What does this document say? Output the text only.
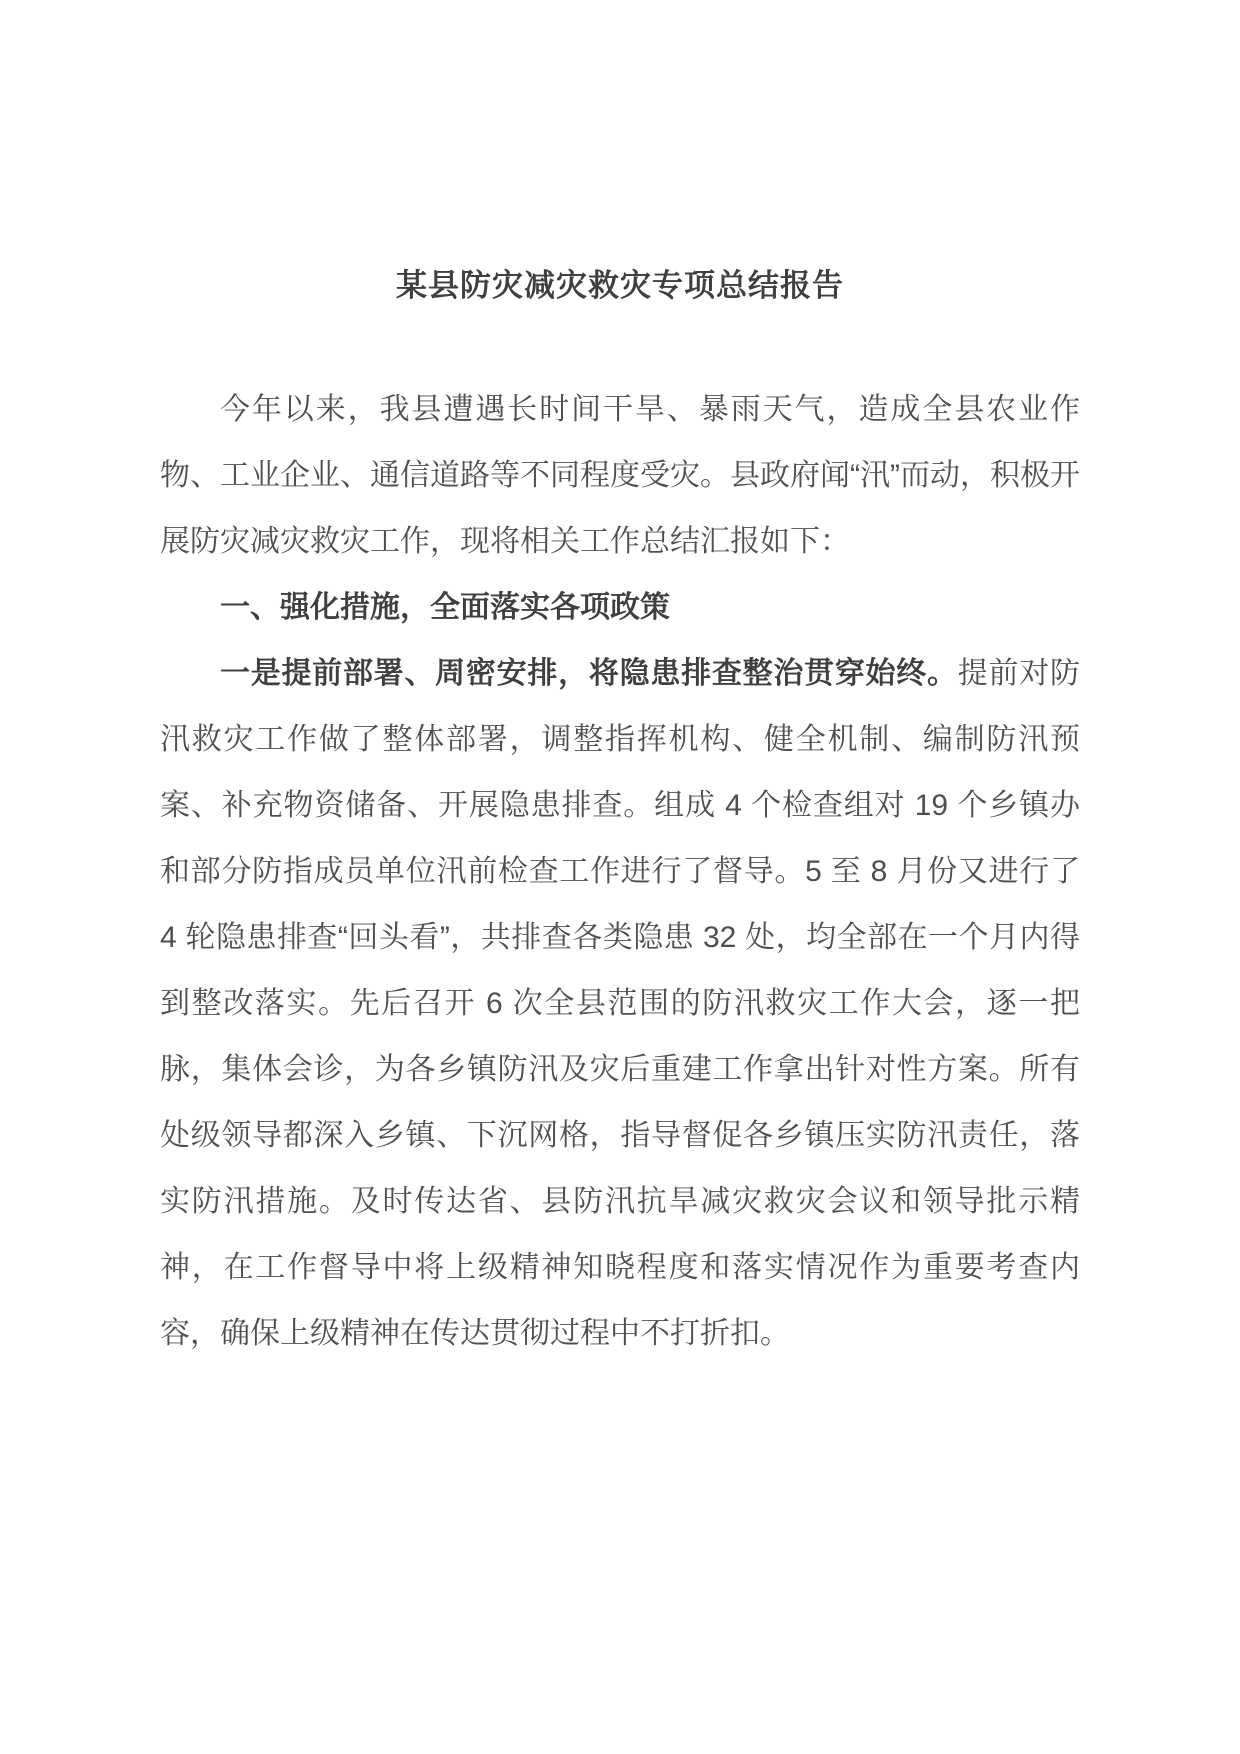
某县防灾减灾救灾专项总结报告

今年以来，我县遭遇长时间干旱、暴雨天气，造成全县农业作物、工业企业、通信道路等不同程度受灾。县政府闻“汛”而动，积极开展防灾减灾救灾工作，现将相关工作总结汇报如下：

一、强化措施，全面落实各项政策

一是提前部署、周密安排，将隐患排查整治贯穿始终。提前对防汛救灾工作做了整体部署，调整指挥机构、健全机制、编制防汛预案、补充物资储备、开展隐患排查。组成 4 个检查组对 19 个乡镇办和部分防指成员单位汛前检查工作进行了督导。5 至 8 月份又进行了 4 轮隐患排查“回头看”，共排查各类隐患 32 处，均全部在一个月内得到整改落实。先后召开 6 次全县范围的防汛救灾工作大会，逐一把脉，集体会诊，为各乡镇防汛及灾后重建工作拿出针对性方案。所有处级领导都深入乡镇、下沉网格，指导督促各乡镇压实防汛责任，落实防汛措施。及时传达省、县防汛抗旱减灾救灾会议和领导批示精神，在工作督导中将上级精神知晓程度和落实情况作为重要考查内容，确保上级精神在传达贯彻过程中不打折扣。
